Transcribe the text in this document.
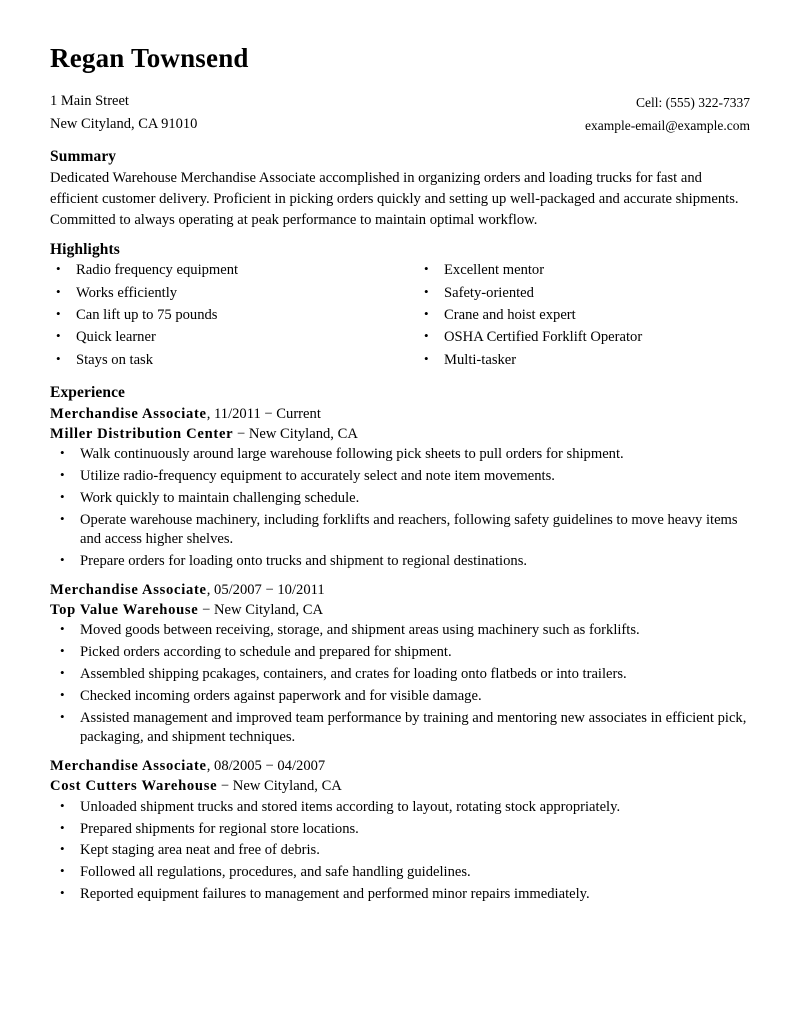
Regan Townsend
1 Main Street
New Cityland, CA 91010
Cell: (555) 322-7337
example-email@example.com
Summary

Dedicated Warehouse Merchandise Associate accomplished in organizing orders and loading trucks for fast and efficient customer delivery. Proficient in picking orders quickly and setting up well-packaged and accurate shipments. Committed to always operating at peak performance to maintain optimal workflow.

Highlights
• Radio frequency equipment
• Works efficiently
• Can lift up to 75 pounds
• Quick learner
• Stays on task
• Excellent mentor
• Safety-oriented
• Crane and hoist expert
• OSHA Certified Forklift Operator
• Multi-tasker
Experience
Merchandise Associate, 11/2011 − Current
Miller Distribution Center − New Cityland, CA
• Walk continuously around large warehouse following pick sheets to pull orders for shipment.
• Utilize radio-frequency equipment to accurately select and note item movements.
• Work quickly to maintain challenging schedule.
• Operate warehouse machinery, including forklifts and reachers, following safety guidelines to move heavy items and access higher shelves.
• Prepare orders for loading onto trucks and shipment to regional destinations.
Merchandise Associate, 05/2007 − 10/2011
Top Value Warehouse − New Cityland, CA
• Moved goods between receiving, storage, and shipment areas using machinery such as forklifts.
• Picked orders according to schedule and prepared for shipment.
• Assembled shipping pcakages, containers, and crates for loading onto flatbeds or into trailers.
• Checked incoming orders against paperwork and for visible damage.
• Assisted management and improved team performance by training and mentoring new associates in efficient pick, packaging, and shipment techniques.
Merchandise Associate, 08/2005 − 04/2007
Cost Cutters Warehouse − New Cityland, CA
• Unloaded shipment trucks and stored items according to layout, rotating stock appropriately.
• Prepared shipments for regional store locations.
• Kept staging area neat and free of debris.
• Followed all regulations, procedures, and safe handling guidelines.
• Reported equipment failures to management and performed minor repairs immediately.
